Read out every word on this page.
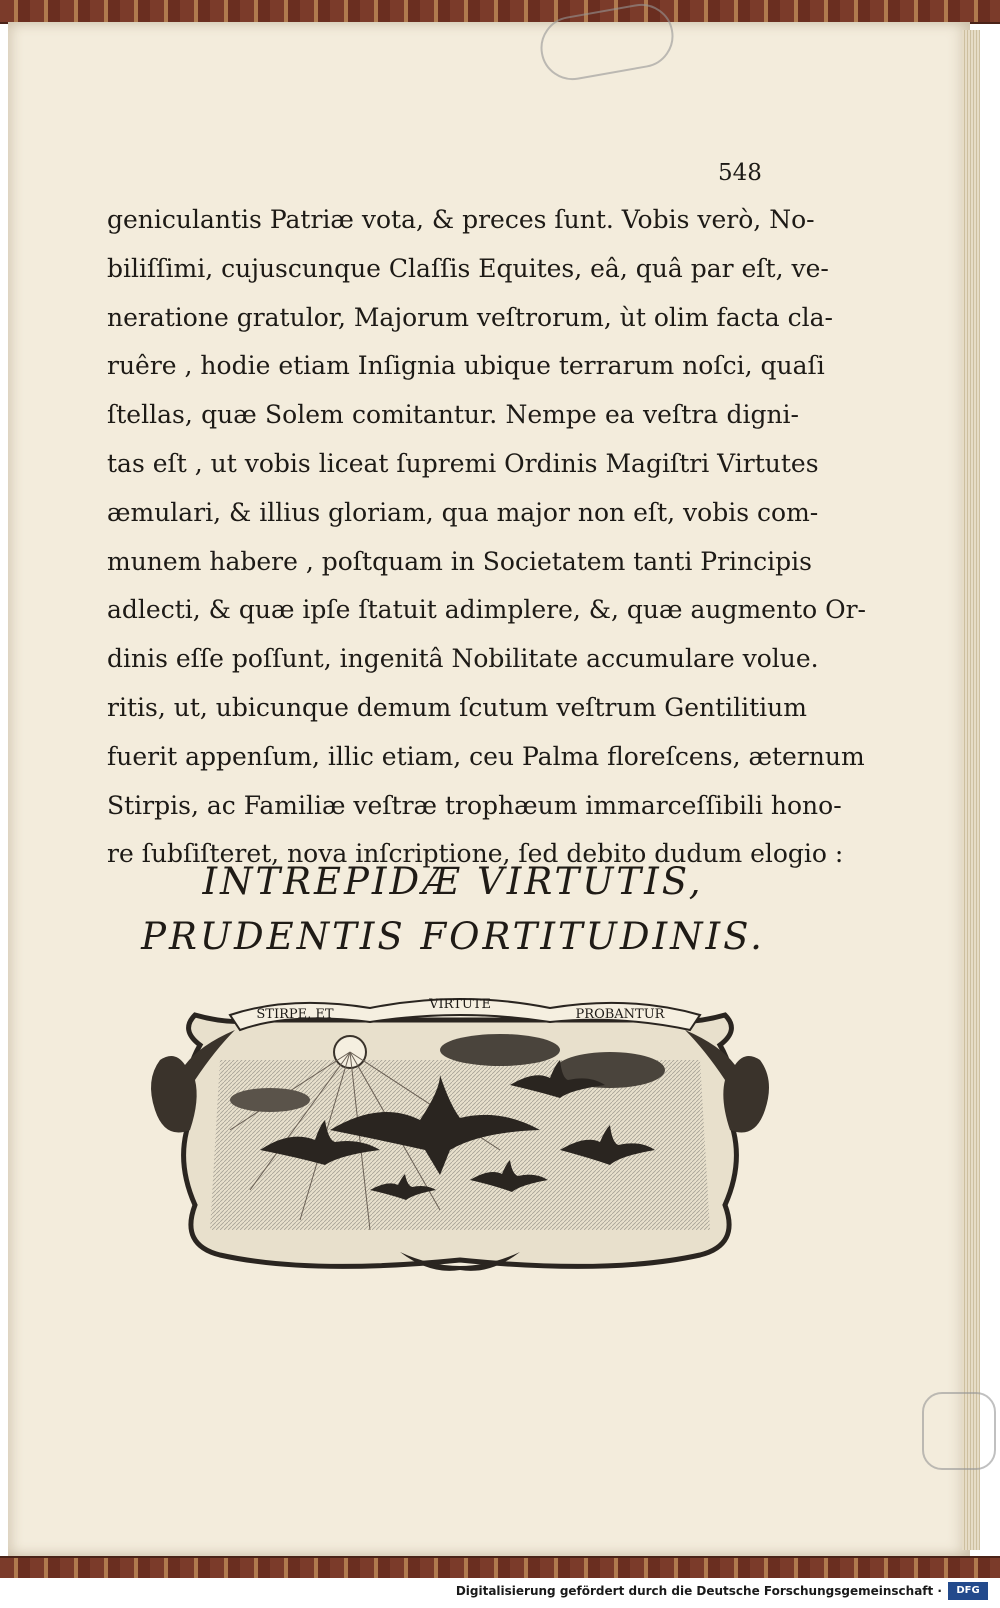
548
geniculantis Patriæ vota, & preces ſunt. Vobis verò, No-
biliſſimi, cujuscunque Claſſis Equites, eâ, quâ par eſt, ve-
neratione gratulor, Majorum veſtrorum, ùt olim facta cla-
ruêre , hodie etiam Inſignia ubique terrarum noſci, quaſi
ſtellas, quæ Solem comitantur. Nempe ea veſtra digni-
tas eſt , ut vobis liceat ſupremi Ordinis Magiſtri Virtutes
æmulari, & illius gloriam, qua major non eſt, vobis com-
munem habere , poſtquam in Societatem tanti Principis
adlecti, & quæ ipſe ſtatuit adimplere, &, quæ augmento Or-
dinis eſſe poſſunt, ingenitâ Nobilitate accumulare volue.
ritis, ut, ubicunque demum ſcutum veſtrum Gentilitium
fuerit appenſum, illic etiam, ceu Palma floreſcens, æternum
Stirpis, ac Familiæ veſtræ trophæum immarceſſibili hono-
re ſubſiſteret, nova inſcriptione, ſed debito dudum elogio :
INTREPIDÆ VIRTUTIS,
PRUDENTIS FORTITUDINIS.
STIRPE, ET
VIRTUTE
PROBANTUR
Digitalisierung gefördert durch die Deutsche Forschungsgemeinschaft ·	DFG
